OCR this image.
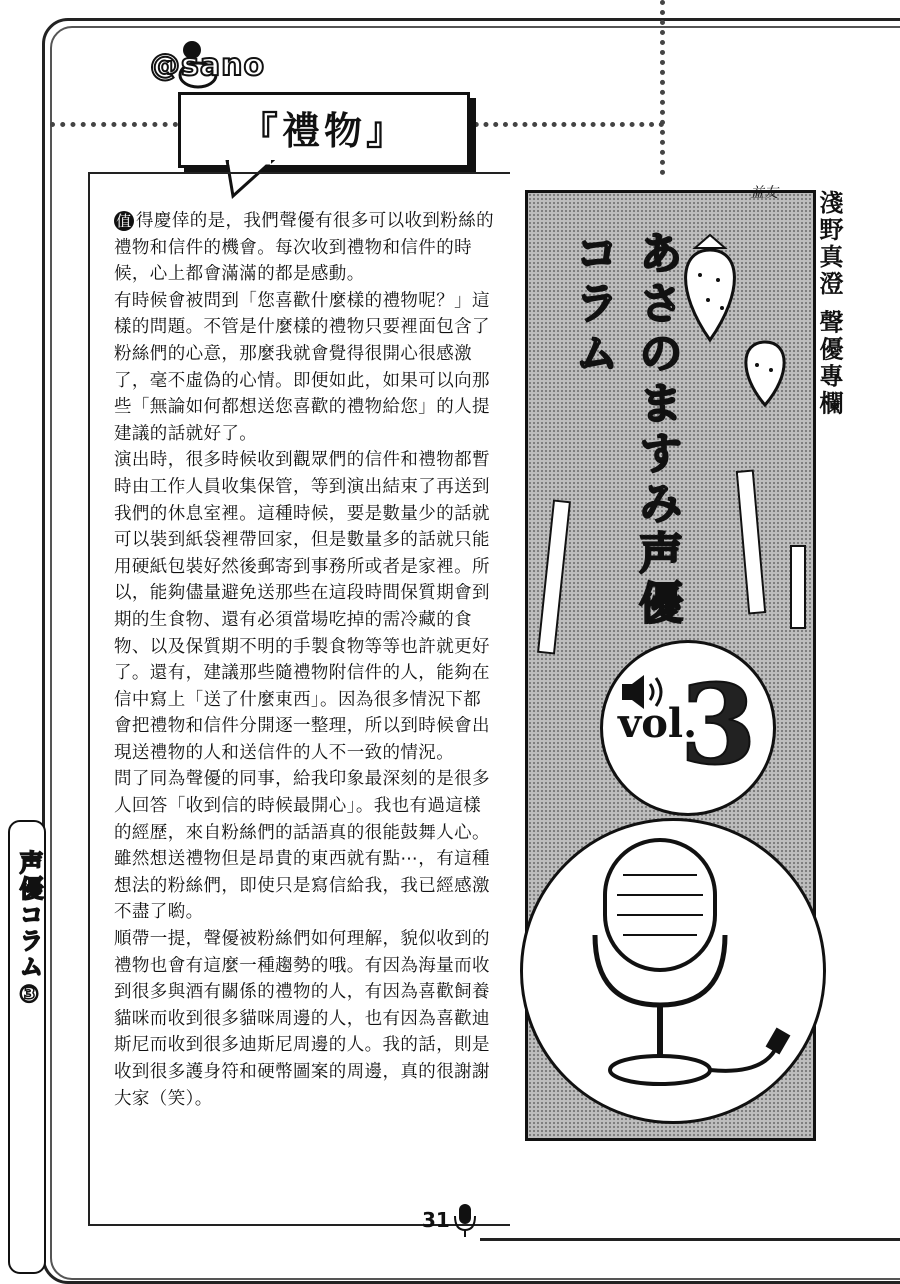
@sano
『禮物』

值 得慶倖的是，我們聲優有很多可以收到粉絲的禮物和信件的機會。每次收到禮物和信件的時候，心上都會滿滿的都是感動。

有時候會被問到「您喜歡什麼樣的禮物呢？」這樣的問題。不管是什麼樣的禮物只要裡面包含了粉絲們的心意，那麼我就會覺得很開心很感激了，毫不虛偽的心情。即便如此，如果可以向那些「無論如何都想送您喜歡的禮物給您」的人提建議的話就好了。

演出時，很多時候收到觀眾們的信件和禮物都暫時由工作人員收集保管，等到演出結束了再送到我們的休息室裡。這種時候，要是數量少的話就可以裝到紙袋裡帶回家，但是數量多的話就只能用硬紙包裝好然後郵寄到事務所或者是家裡。所以，能夠儘量避免送那些在這段時間保質期會到期的生食物、還有必須當場吃掉的需冷藏的食物、以及保質期不明的手製食物等等也許就更好了。還有，建議那些隨禮物附信件的人，能夠在信中寫上「送了什麼東西」。因為很多情況下都會把禮物和信件分開逐一整理，所以到時候會出現送禮物的人和送信件的人不一致的情況。

問了同為聲優的同事，給我印象最深刻的是很多人回答「收到信的時候最開心」。我也有過這樣的經歷，來自粉絲們的話語真的很能鼓舞人心。雖然想送禮物但是昂貴的東西就有點⋯，有這種想法的粉絲們，即使只是寫信給我，我已經感激不盡了喲。

順帶一提，聲優被粉絲們如何理解，貌似收到的禮物也會有這麼一種趨勢的哦。有因為海量而收到很多與酒有關係的禮物的人，有因為喜歡飼養貓咪而收到很多貓咪周邊的人，也有因為喜歡迪斯尼而收到很多迪斯尼周邊的人。我的話，則是收到很多護身符和硬幣圖案的周邊，真的很謝謝大家（笑）。

益友
あさのますみ声優コラム
vol.
3
淺野真澄 聲優專欄
声優コラム③
31
